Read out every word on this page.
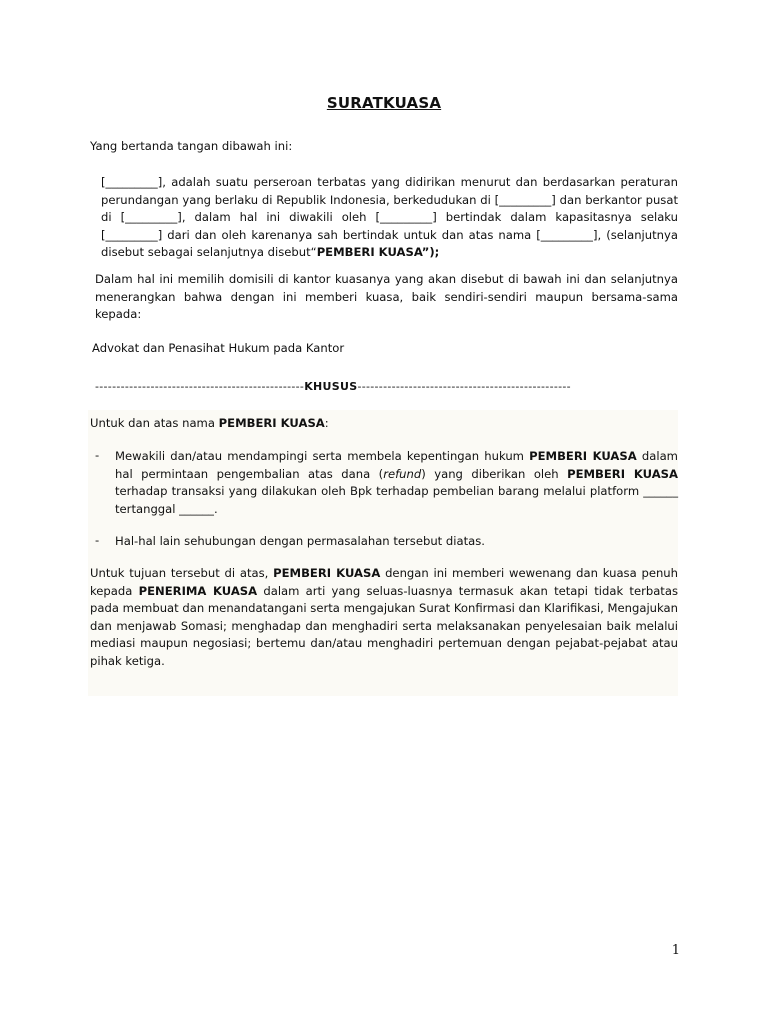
SURATKUASA
Yang bertanda tangan dibawah ini:
[_________], adalah suatu perseroan terbatas yang didirikan menurut dan berdasarkan peraturan perundangan yang berlaku di Republik Indonesia, berkedudukan di [_________] dan berkantor pusat di [_________], dalam hal ini diwakili oleh [_________] bertindak dalam kapasitasnya selaku [_________] dari dan oleh karenanya sah bertindak untuk dan atas nama [_________], (selanjutnya disebut sebagai selanjutnya disebut“PEMBERI KUASA”);
Dalam hal ini memilih domisili di kantor kuasanya yang akan disebut di bawah ini dan selanjutnya menerangkan bahwa dengan ini memberi kuasa, baik sendiri-sendiri maupun bersama-sama kepada:
Advokat dan Penasihat Hukum pada Kantor
-------------------------------------------------KHUSUS--------------------------------------------------
Untuk dan atas nama PEMBERI KUASA:
- Mewakili dan/atau mendampingi serta membela kepentingan hukum PEMBERI KUASA dalam hal permintaan pengembalian atas dana (refund) yang diberikan oleh PEMBERI KUASA terhadap transaksi yang dilakukan oleh Bpk terhadap pembelian barang melalui platform ______ tertanggal ______.
- Hal-hal lain sehubungan dengan permasalahan tersebut diatas.
Untuk tujuan tersebut di atas, PEMBERI KUASA dengan ini memberi wewenang dan kuasa penuh kepada PENERIMA KUASA dalam arti yang seluas-luasnya termasuk akan tetapi tidak terbatas pada membuat dan menandatangani serta mengajukan Surat Konfirmasi dan Klarifikasi, Mengajukan dan menjawab Somasi; menghadap dan menghadiri serta melaksanakan penyelesaian baik melalui mediasi maupun negosiasi; bertemu dan/atau menghadiri pertemuan dengan pejabat-pejabat atau pihak ketiga.
1
